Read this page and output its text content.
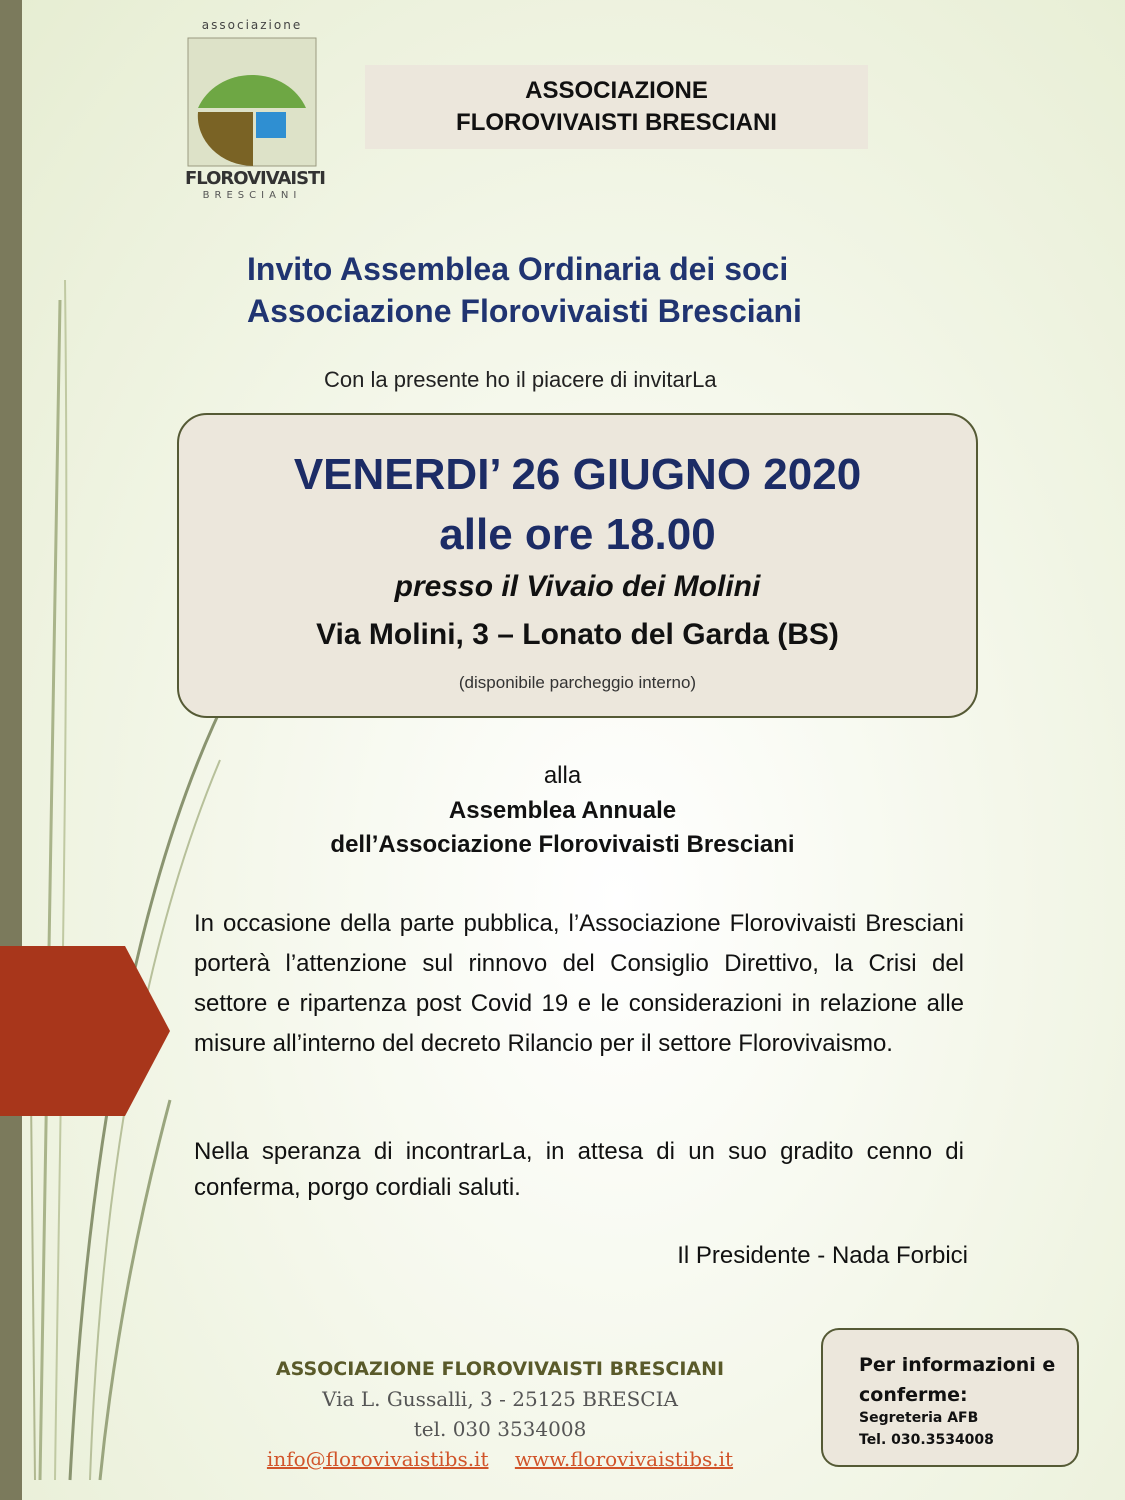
associazione
FLOROVIVAISTI
BRESCIANI
ASSOCIAZIONE
FLOROVIVAISTI BRESCIANI
Invito Assemblea Ordinaria dei soci
Associazione Florovivaisti Bresciani
Con la presente ho il piacere di invitarLa
VENERDI’ 26 GIUGNO 2020
alle ore 18.00
presso il Vivaio dei Molini
Via Molini, 3 – Lonato del Garda (BS)
(disponibile parcheggio interno)
alla
Assemblea Annuale
dell’Associazione Florovivaisti Bresciani
In occasione della parte pubblica, l’Associazione Florovivaisti Bresciani porterà l’attenzione sul rinnovo del Consiglio Direttivo, la Crisi del settore e ripartenza post Covid 19 e le considerazioni in relazione alle misure all’interno del decreto Rilancio per il settore Florovivaismo.
Nella speranza di incontrarLa, in attesa di un suo gradito cenno di conferma, porgo cordiali saluti.
Il Presidente - Nada Forbici
ASSOCIAZIONE FLOROVIVAISTI BRESCIANI
Via L. Gussalli, 3 - 25125 BRESCIA
tel. 030 3534008
info@florovivaistibs.it www.florovivaistibs.it
Per informazioni e conferme:
Segreteria AFB
Tel. 030.3534008
